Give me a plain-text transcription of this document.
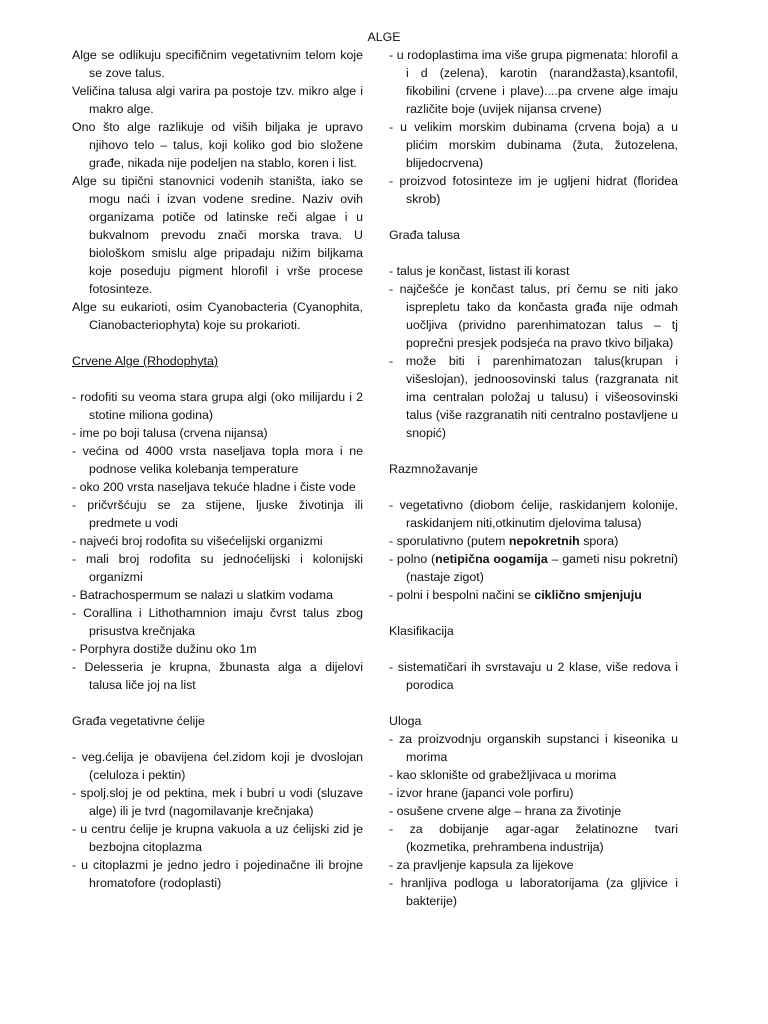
ALGE

Alge se odlikuju specifičnim vegetativnim telom koje se zove talus.

Veličina talusa algi varira pa postoje tzv. mikro alge i makro alge.

Ono što alge razlikuje od viših biljaka je upravo njihovo telo – talus, koji koliko god bio složene građe, nikada nije podeljen na stablo, koren i list.

Alge su tipični stanovnici vodenih staništa, iako se mogu naći i izvan vodene sredine. Naziv ovih organizama potiče od latinske reči algae i u bukvalnom prevodu znači morska trava. U biološkom smislu alge pripadaju nižim biljkama koje poseduju pigment hlorofil i vrše procese fotosinteze.

Alge su eukarioti, osim Cyanobacteria (Cyanophita, Cianobacteriophyta) koje su prokarioti.

Crvene Alge (Rhodophyta)

- rodofiti su veoma stara grupa algi (oko milijardu i 2 stotine miliona godina)

- ime po boji talusa (crvena nijansa)

- većina od 4000 vrsta naseljava topla mora i ne podnose velika kolebanja temperature

- oko 200 vrsta naseljava tekuće hladne i čiste vode

- pričvršćuju se za stijene, ljuske životinja ili predmete u vodi

- najveći broj rodofita su višećelijski organizmi

- mali broj rodofita su jednoćelijski i kolonijski organizmi

- Batrachospermum se nalazi u slatkim vodama

- Corallina i Lithothamnion imaju čvrst talus zbog prisustva krečnjaka

- Porphyra dostiže dužinu oko 1m

- Delesseria je krupna, žbunasta alga a dijelovi talusa liče joj na list

Građa vegetativne ćelije

- veg.ćelija je obavijena ćel.zidom koji je dvoslojan (celuloza i pektin)

- spolj.sloj je od pektina, mek i bubri u vodi (sluzave alge) ili je tvrd (nagomilavanje krečnjaka)

- u centru ćelije je krupna vakuola a uz ćelijski zid je bezbojna citoplazma

- u citoplazmi je jedno jedro i pojedinačne ili brojne hromatofore (rodoplasti)

- u rodoplastima ima više grupa pigmenata: hlorofil a i d (zelena), karotin (narandžasta),ksantofil, fikobilini (crvene i plave)....pa crvene alge imaju različite boje (uvijek nijansa crvene)

- u velikim morskim dubinama (crvena boja) a u plićim morskim dubinama (žuta, žutozelena, blijedocrvena)

- proizvod fotosinteze im je ugljeni hidrat (floridea skrob)

Građa talusa

- talus je končast, listast ili korast

- najčešće je končast talus, pri čemu se niti jako isprepletu tako da končasta građa nije odmah uočljiva (prividno parenhimatozan talus – tj poprečni presjek podsjeća na pravo tkivo biljaka)

- može biti i parenhimatozan talus(krupan i višeslojan), jednoosovinski talus (razgranata nit ima centralan položaj u talusu) i višeosovinski talus (više razgranatih niti centralno postavljene u snopić)

Razmnožavanje

- vegetativno (diobom ćelije, raskidanjem kolonije, raskidanjem niti,otkinutim djelovima talusa)

- sporulativno (putem nepokretnih spora)

- polno (netipična oogamija – gameti nisu pokretni) (nastaje zigot)

- polni i bespolni načini se ciklično smjenjuju

Klasifikacija

- sistematičari ih svrstavaju u 2 klase, više redova i porodica

Uloga

- za proizvodnju organskih supstanci i kiseonika u morima

- kao sklonište od grabežljivaca u morima

- izvor hrane (japanci vole porfiru)

- osušene crvene alge – hrana za životinje

- za dobijanje agar-agar želatinozne tvari (kozmetika, prehrambena industrija)

- za pravljenje kapsula za lijekove

- hranljiva podloga u laboratorijama (za gljivice i bakterije)
